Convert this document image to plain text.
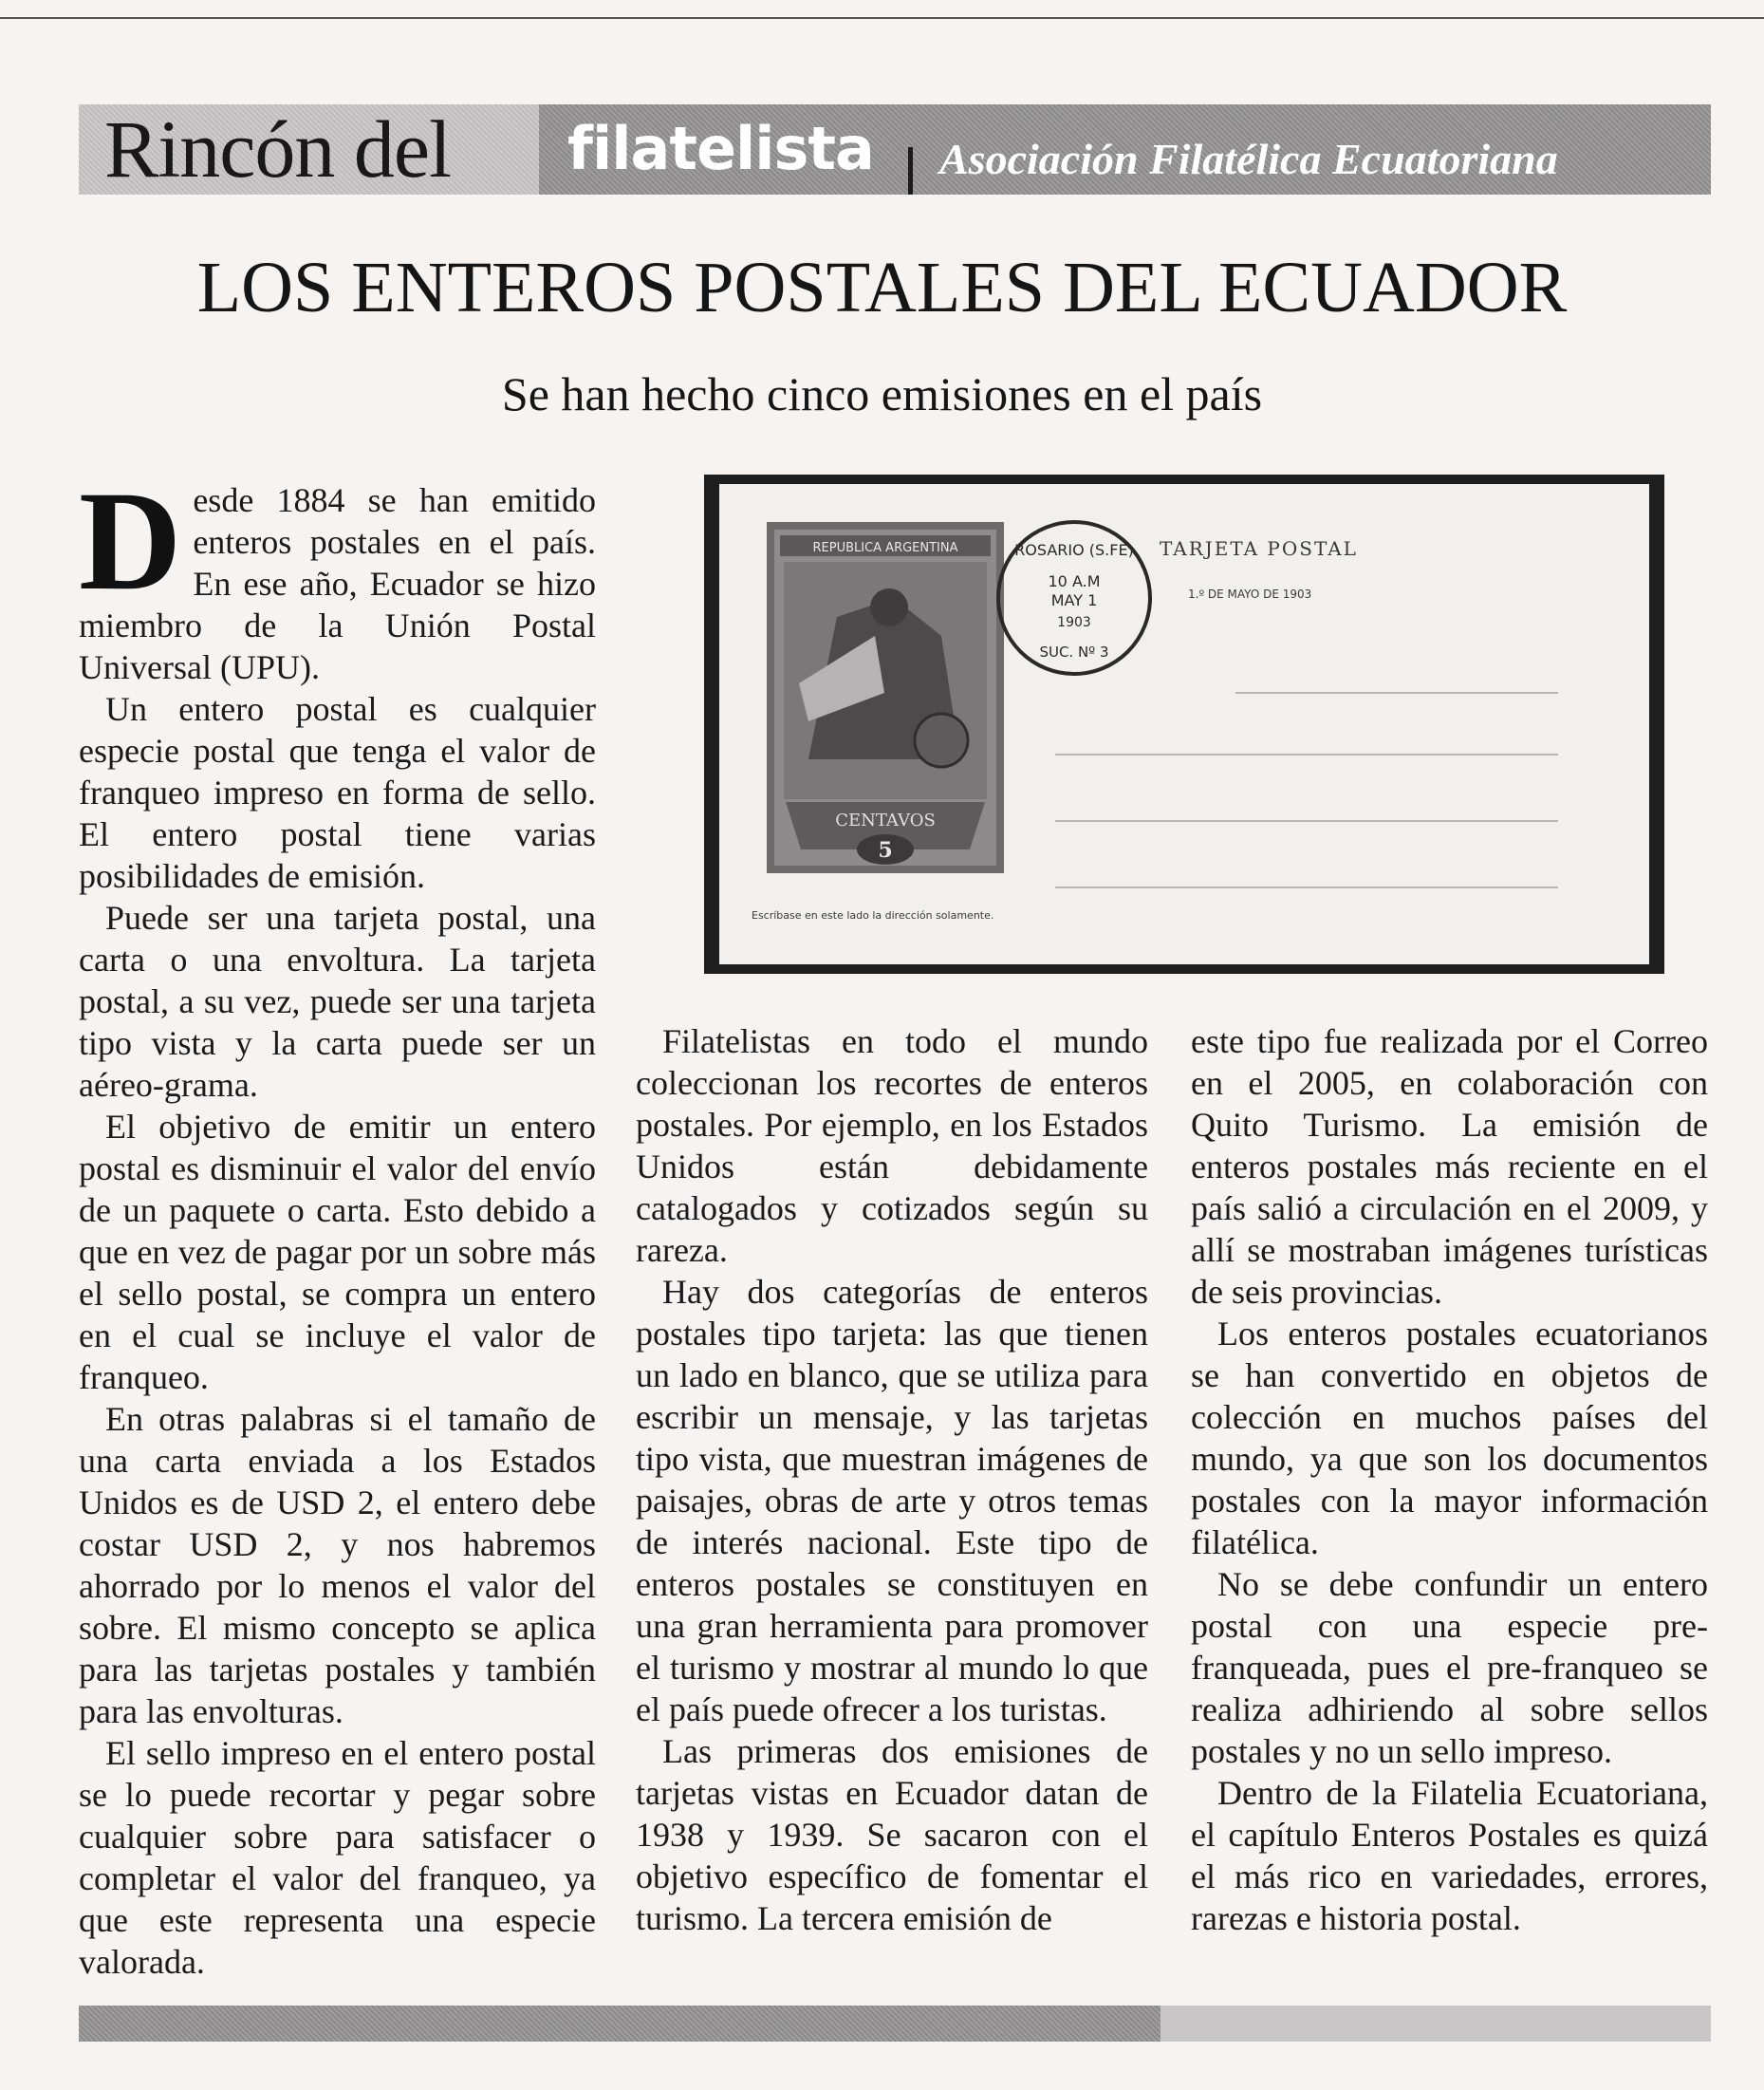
Rincón del filatelista Asociación Filatélica Ecuatoriana
LOS ENTEROS POSTALES DEL ECUADOR
Se han hecho cinco emisiones en el país
REPUBLICA ARGENTINA
CENTAVOS
5
ROSARIO (S.FE)
10 A.M
MAY 1
1903
SUC. Nº 3
TARJETA POSTAL
1.º DE MAYO DE 1903
Escríbase en este lado la dirección solamente.

Desde 1884 se han emitido enteros postales en el país. En ese año, Ecuador se hizo miembro de la Unión Postal Universal (UPU).

Un entero postal es cualquier especie postal que tenga el valor de franqueo impreso en forma de sello. El entero postal tiene varias posibilidades de emisión.

Puede ser una tarjeta postal, una carta o una envoltura. La tarjeta postal, a su vez, puede ser una tarjeta tipo vista y la carta puede ser un aéreo-grama.

El objetivo de emitir un entero postal es disminuir el valor del envío de un paquete o carta. Esto debido a que en vez de pagar por un sobre más el sello postal, se compra un entero en el cual se incluye el valor de franqueo.

En otras palabras si el tamaño de una carta enviada a los Estados Unidos es de USD 2, el entero debe costar USD 2, y nos habremos ahorrado por lo menos el valor del sobre. El mismo concepto se aplica para las tarjetas postales y también para las envolturas.

El sello impreso en el entero postal se lo puede recortar y pegar sobre cualquier sobre para satisfacer o completar el valor del franqueo, ya que este representa una especie valorada.

Filatelistas en todo el mundo coleccionan los recortes de enteros postales. Por ejemplo, en los Estados Unidos están debidamente catalogados y cotizados según su rareza.

Hay dos categorías de enteros postales tipo tarjeta: las que tienen un lado en blanco, que se utiliza para escribir un mensaje, y las tarjetas tipo vista, que muestran imágenes de paisajes, obras de arte y otros temas de interés nacional. Este tipo de enteros postales se constituyen en una gran herramienta para promover el turismo y mostrar al mundo lo que el país puede ofrecer a los turistas.

Las primeras dos emisiones de tarjetas vistas en Ecuador datan de 1938 y 1939. Se sacaron con el objetivo específico de fomentar el turismo. La tercera emisión de

este tipo fue realizada por el Correo en el 2005, en colaboración con Quito Turismo. La emisión de enteros postales más reciente en el país salió a circulación en el 2009, y allí se mostraban imágenes turísticas de seis provincias.

Los enteros postales ecuatorianos se han convertido en objetos de colección en muchos países del mundo, ya que son los documentos postales con la mayor información filatélica.

No se debe confundir un entero postal con una especie pre-franqueada, pues el pre-franqueo se realiza adhiriendo al sobre sellos postales y no un sello impreso.

Dentro de la Filatelia Ecuatoriana, el capítulo Enteros Postales es quizá el más rico en variedades, errores, rarezas e historia postal.
